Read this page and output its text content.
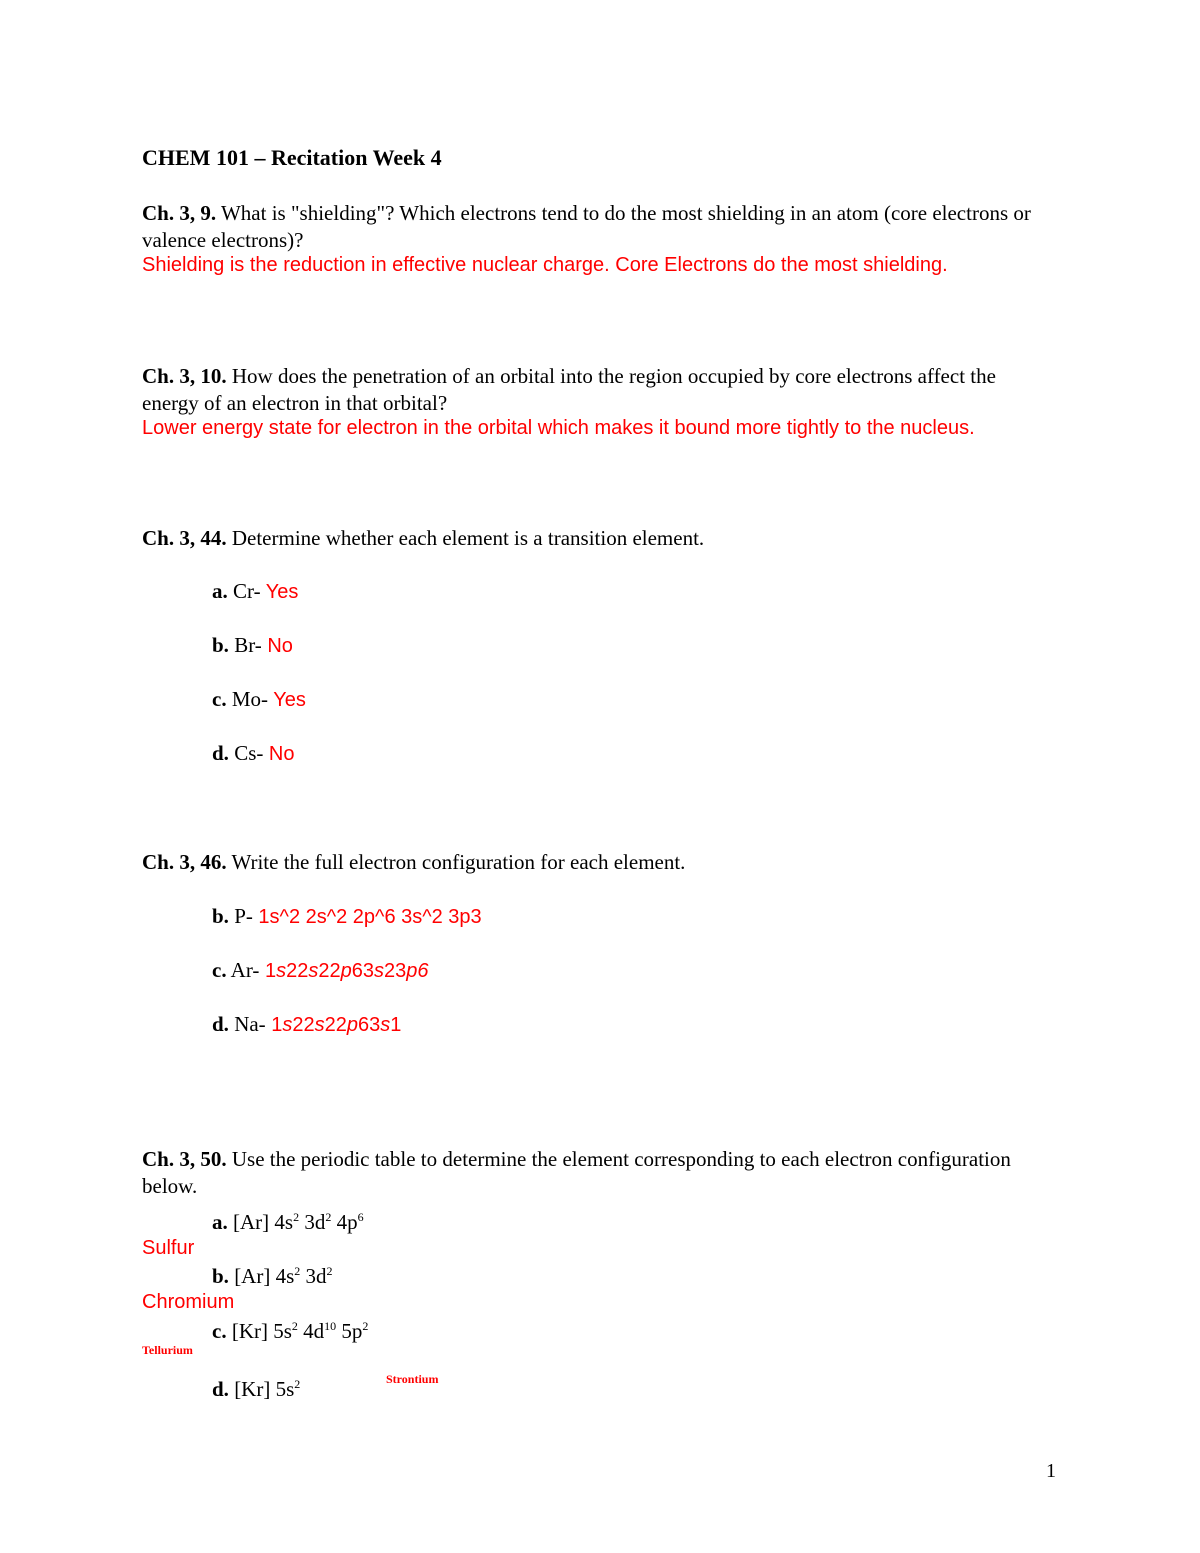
CHEM 101 – Recitation Week 4
Ch. 3, 9. What is "shielding"? Which electrons tend to do the most shielding in an atom (core electrons or valence electrons)?
Shielding is the reduction in effective nuclear charge. Core Electrons do the most shielding.
Ch. 3, 10. How does the penetration of an orbital into the region occupied by core electrons affect the energy of an electron in that orbital?
Lower energy state for electron in the orbital which makes it bound more tightly to the nucleus.
Ch. 3, 44. Determine whether each element is a transition element.
a. Cr- Yes
b. Br- No
c. Mo- Yes
d. Cs- No
Ch. 3, 46. Write the full electron configuration for each element.
b. P- 1s^2 2s^2 2p^6 3s^2 3p3
c. Ar- 1s22s22p63s23p6
d. Na- 1s22s22p63s1
Ch. 3, 50. Use the periodic table to determine the element corresponding to each electron configuration below.
a. [Ar] $4s^2$ $3d^2$ $4p^6$
Sulfur
b. [Ar] $4s^2$ $3d^2$
Chromium
c. [Kr] $5s^2$ $4d^{10}$ $5p^2$
Tellurium
d. [Kr] $5s^2$	Strontium
1
